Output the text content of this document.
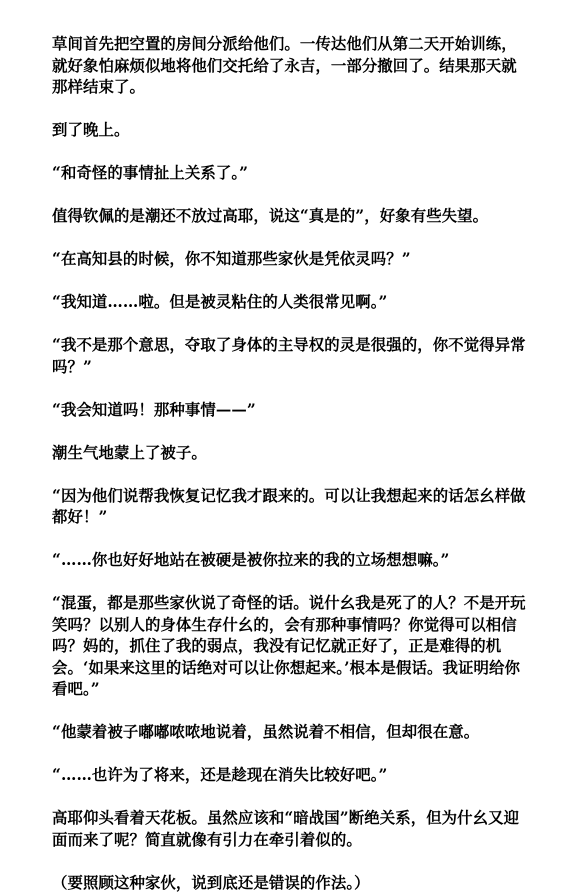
草间首先把空置的房间分派给他们。一传达他们从第二天开始训练，就好象怕麻烦似地将他们交托给了永吉，一部分撤回了。结果那天就那样结束了。

到了晚上。

“和奇怪的事情扯上关系了。”

值得钦佩的是潮还不放过高耶，说这“真是的”，好象有些失望。

“在高知县的时候，你不知道那些家伙是凭依灵吗？”

“我知道……啦。但是被灵粘住的人类很常见啊。”

“我不是那个意思，夺取了身体的主导权的灵是很强的，你不觉得异常吗？”

“我会知道吗！那种事情——”

潮生气地蒙上了被子。

“因为他们说帮我恢复记忆我才跟来的。可以让我想起来的话怎幺样做都好！”

“……你也好好地站在被硬是被你拉来的我的立场想想嘛。”

“混蛋，都是那些家伙说了奇怪的话。说什幺我是死了的人？不是开玩笑吗？以别人的身体生存什幺的，会有那种事情吗？你觉得可以相信吗？妈的，抓住了我的弱点，我没有记忆就正好了，正是难得的机会。‘如果来这里的话绝对可以让你想起来。’根本是假话。我证明给你看吧。”

“他蒙着被子嘟嘟哝哝地说着，虽然说着不相信，但却很在意。

“……也许为了将来，还是趁现在消失比较好吧。”

高耶仰头看着天花板。虽然应该和“暗战国”断绝关系，但为什幺又迎面而来了呢？简直就像有引力在牵引着似的。

（要照顾这种家伙，说到底还是错误的作法。）
